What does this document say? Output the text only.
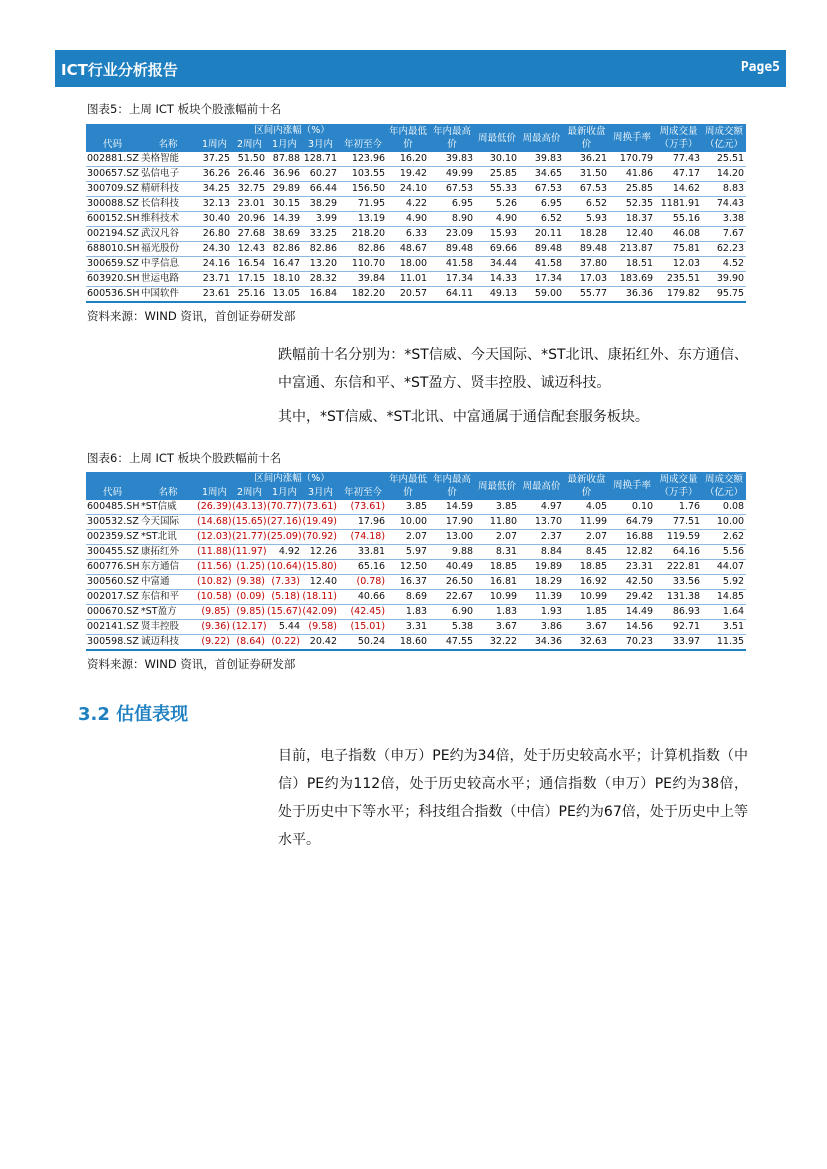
ICT行业分析报告	Page5
图表5：上周 ICT 板块个股涨幅前十名
		区间内涨幅（%）					年内最低价	年内最高价	周最低价	周最高价	最新收盘价	周换手率	周成交量（万手）	周成交额（亿元）
代码	名称	1周内	2周内	1月内	3月内	年初至今								
002881.SZ	美格智能	37.25	51.50	87.88	128.71	123.96	16.20	39.83	30.10	39.83	36.21	170.79	77.43	25.51
300657.SZ	弘信电子	36.26	26.46	36.96	60.27	103.55	19.42	49.99	25.85	34.65	31.50	41.86	47.17	14.20
300709.SZ	精研科技	34.25	32.75	29.89	66.44	156.50	24.10	67.53	55.33	67.53	67.53	25.85	14.62	8.83
300088.SZ	长信科技	32.13	23.01	30.15	38.29	71.95	4.22	6.95	5.26	6.95	6.52	52.35	1181.91	74.43
600152.SH	维科技术	30.40	20.96	14.39	3.99	13.19	4.90	8.90	4.90	6.52	5.93	18.37	55.16	3.38
002194.SZ	武汉凡谷	26.80	27.68	38.69	33.25	218.20	6.33	23.09	15.93	20.11	18.28	12.40	46.08	7.67
688010.SH	福光股份	24.30	12.43	82.86	82.86	82.86	48.67	89.48	69.66	89.48	89.48	213.87	75.81	62.23
300659.SZ	中孚信息	24.16	16.54	16.47	13.20	110.70	18.00	41.58	34.44	41.58	37.80	18.51	12.03	4.52
603920.SH	世运电路	23.71	17.15	18.10	28.32	39.84	11.01	17.34	14.33	17.34	17.03	183.69	235.51	39.90
600536.SH	中国软件	23.61	25.16	13.05	16.84	182.20	20.57	64.11	49.13	59.00	55.77	36.36	179.82	95.75
资料来源：WIND 资讯，首创证券研发部
跌幅前十名分别为：*ST信威、今天国际、*ST北讯、康拓红外、东方通信、中富通、东信和平、*ST盈方、贤丰控股、诚迈科技。
其中，*ST信威、*ST北讯、中富通属于通信配套服务板块。
图表6：上周 ICT 板块个股跌幅前十名
		区间内涨幅（%）					年内最低价	年内最高价	周最低价	周最高价	最新收盘价	周换手率	周成交量（万手）	周成交额（亿元）
代码	名称	1周内	2周内	1月内	3月内	年初至今								
600485.SH	*ST信威	(26.39)	(43.13)	(70.77)	(73.61)	(73.61)	3.85	14.59	3.85	4.97	4.05	0.10	1.76	0.08
300532.SZ	今天国际	(14.68)	(15.65)	(27.16)	(19.49)	17.96	10.00	17.90	11.80	13.70	11.99	64.79	77.51	10.00
002359.SZ	*ST北讯	(12.03)	(21.77)	(25.09)	(70.92)	(74.18)	2.07	13.00	2.07	2.37	2.07	16.88	119.59	2.62
300455.SZ	康拓红外	(11.88)	(11.97)	4.92	12.26	33.81	5.97	9.88	8.31	8.84	8.45	12.82	64.16	5.56
600776.SH	东方通信	(11.56)	(1.25)	(10.64)	(15.80)	65.16	12.50	40.49	18.85	19.89	18.85	23.31	222.81	44.07
300560.SZ	中富通	(10.82)	(9.38)	(7.33)	12.40	(0.78)	16.37	26.50	16.81	18.29	16.92	42.50	33.56	5.92
002017.SZ	东信和平	(10.58)	(0.09)	(5.18)	(18.11)	40.66	8.69	22.67	10.99	11.39	10.99	29.42	131.38	14.85
000670.SZ	*ST盈方	(9.85)	(9.85)	(15.67)	(42.09)	(42.45)	1.83	6.90	1.83	1.93	1.85	14.49	86.93	1.64
002141.SZ	贤丰控股	(9.36)	(12.17)	5.44	(9.58)	(15.01)	3.31	5.38	3.67	3.86	3.67	14.56	92.71	3.51
300598.SZ	诚迈科技	(9.22)	(8.64)	(0.22)	20.42	50.24	18.60	47.55	32.22	34.36	32.63	70.23	33.97	11.35
资料来源：WIND 资讯，首创证券研发部
3.2 估值表现
目前，电子指数（申万）PE约为34倍，处于历史较高水平；计算机指数（中信）PE约为112倍，处于历史较高水平；通信指数（申万）PE约为38倍，处于历史中下等水平；科技组合指数（中信）PE约为67倍，处于历史中上等水平。
